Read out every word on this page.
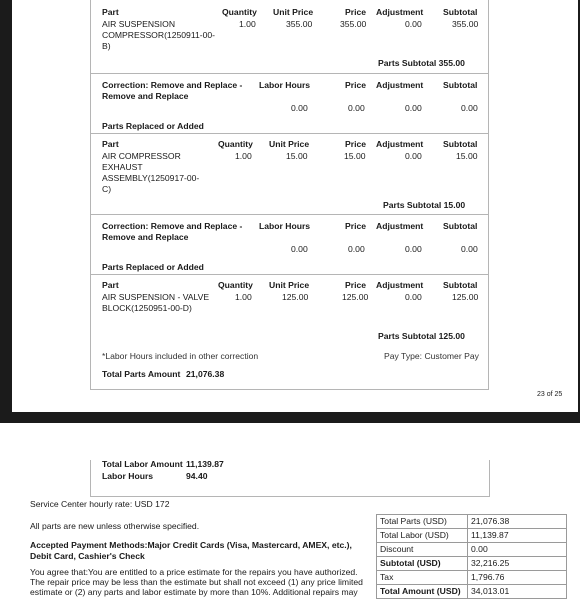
Part	Quantity Unit Price	Price Adjustment Subtotal
AIR SUSPENSION COMPRESSOR(1250911-00-B)
1.00	355.00	355.00	0.00	355.00
Parts Subtotal 355.00
Correction: Remove and Replace - Remove and Replace
Labor Hours	Price Adjustment Subtotal
0.00	0.00	0.00	0.00
Parts Replaced or Added
Part	Quantity Unit Price	Price Adjustment Subtotal
AIR COMPRESSOR EXHAUST ASSEMBLY(1250917-00-C)
1.00	15.00	15.00	0.00	15.00
Parts Subtotal 15.00
Correction: Remove and Replace - Remove and Replace
Labor Hours	Price Adjustment Subtotal
0.00	0.00	0.00	0.00
Parts Replaced or Added
Part	Quantity Unit Price	Price Adjustment Subtotal
AIR SUSPENSION - VALVE BLOCK(1250951-00-D)
1.00	125.00	125.00	0.00	125.00
Parts Subtotal 125.00
*Labor Hours included in other correction	Pay Type: Customer Pay
Total Parts Amount 21,076.38
23 of 25
Total Labor Amount 11,139.87
Labor Hours	94.40
Service Center hourly rate: USD 172
All parts are new unless otherwise specified.
Accepted Payment Methods:Major Credit Cards (Visa, Mastercard, AMEX, etc.), Debit Card, Cashier's Check
You agree that:You are entitled to a price estimate for the repairs you have authorized. The repair price may be less than the estimate but shall not exceed (1) any price limited estimate or (2) any parts and labor estimate by more than 10%. Additional repairs may
Total Parts (USD)	21,076.38
Total Labor (USD)	11,139.87
Discount	0.00
Subtotal (USD)	32,216.25
Tax	1,796.76
Total Amount (USD)	34,013.01
